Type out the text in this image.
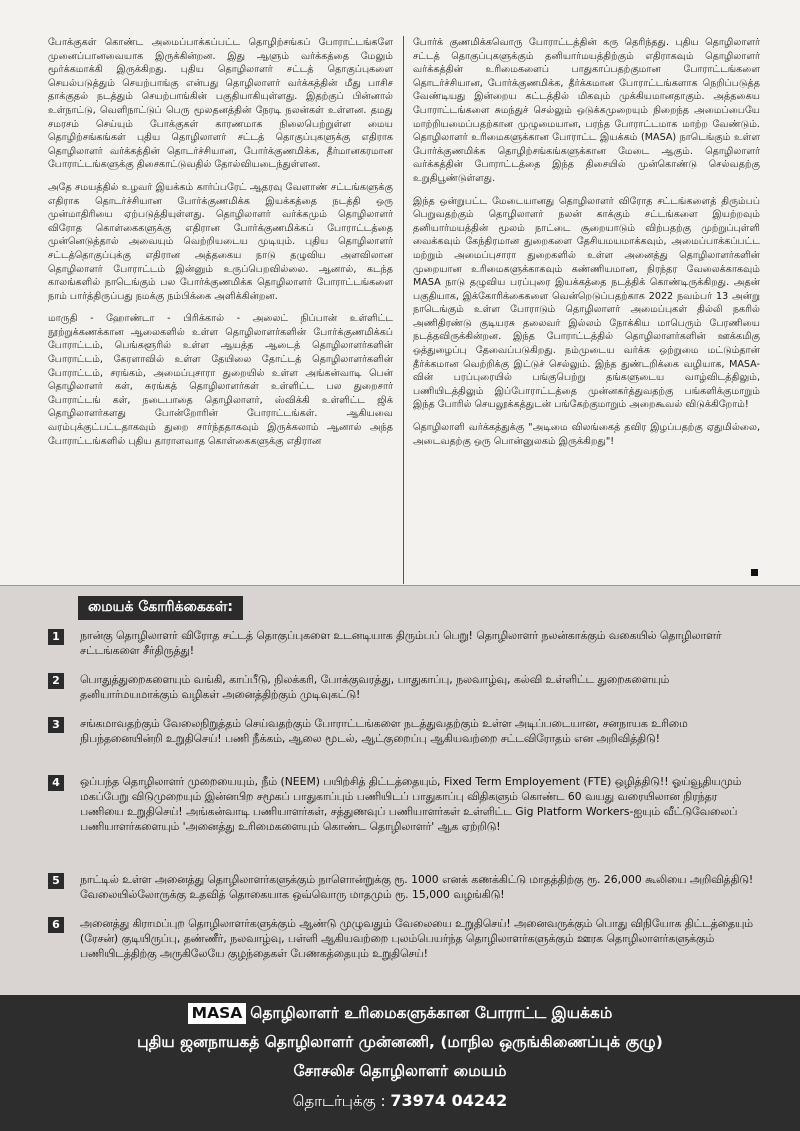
போக்குகள் கொண்ட அமைப்பாக்கப்பட்ட தொழிற்சங்கப் போராட்டங்களே முனைப்பானவையாக இருக்கின்றன. இது ஆளும் வர்க்கத்தை மேலும் மூர்க்கமாக்கி இருக்கிறது. புதிய தொழிலாளர் சட்டத் தொகுப்புகளை செயல்படுத்தும் செயற்பாங்கு என்பது தொழிலாளர் வர்க்கத்தின் மீது பாசிச தாக்குதல் நடத்தும் செயற்பாங்கின் பகுதியாகியுள்ளது. இதற்குப் பின்னால் உள்நாட்டு, வெளிநாட்டுப் பெரு மூலதனத்தின் நேரடி நலன்கள் உள்ளன. தமது சமரசம் செய்யும் போக்குகள் காரணமாக நிலைபெற்றுள்ள மைய தொழிற்சங்கங்கள் புதிய தொழிலாளர் சட்டத் தொகுப்புகளுக்கு எதிராக தொழிலாளர் வர்க்கத்தின் தொடர்ச்சியான, போர்க்குணமிக்க, தீர்மானகரமான போராட்டங்களுக்கு திசைகாட்டுவதில் தோல்வியடைந்துள்ளன.

அதே சமயத்தில் உழவர் இயக்கம் கார்ப்பரேட் ஆதரவு வேளாண் சட்டங்களுக்கு எதிராக தொடர்ச்சியான போர்க்குணமிக்க இயக்கத்தை நடத்தி ஒரு முன்மாதிரியை ஏற்படுத்தியுள்ளது. தொழிலாளர் வர்க்கமும் தொழிலாளர் விரோத கொள்கைகளுக்கு எதிரான போர்க்குணமிக்கப் போராட்டத்தை முன்னெடுத்தால் அவையும் வெற்றியடைய முடியும். புதிய தொழிலாளர் சட்டத்தொகுப்புக்கு எதிரான அத்தகைய நாடு தழுவிய அளவிலான தொழிலாளர் போராட்டம் இன்னும் உருப்பெறவில்லை. ஆனால், கடந்த காலங்களில் நாடெங்கும் பல போர்க்குணமிக்க தொழிலாளர் போராட்டங்களை நாம் பார்த்திருப்பது நமக்கு நம்பிக்கை அளிக்கின்றன.

மாருதி - ஹோண்டா - பிரிக்கால் - அலைட் நிப்பான் உள்ளிட்ட நூற்றுக்கணக்கான ஆலைகளில் உள்ள தொழிலாளர்களின் போர்க்குணமிக்கப் போராட்டம், பெங்களூரில் உள்ள ஆயத்த ஆடைத் தொழிலாளர்களின் போராட்டம், கேரளாவில் உள்ள தேயிலை தோட்டத் தொழிலாளர்களின் போராட்டம், சரங்கம், அமைப்புசாரா துறையில் உள்ள அங்கன்வாடி பென் தொழிலாளர் கள், சுரங்கத் தொழிலாளர்கள் உள்ளிட்ட பல துறைசார் போராட்டங் கள், நடைபாதை தொழிலாளர், ஸ்விக்கி உள்ளிட்ட ஜிக் தொழிலாளர்களது போன்றோரின் போராட்டங்கள். ஆகியவை வரம்புக்குட்பட்டதாகவும் துறை சார்ந்ததாகவும் இருக்கலாம் ஆனால் அந்த போராட்டங்களில் புதிய தாராளவாத கொள்கைகளுக்கு எதிரான

போர்க் குணமிக்கவொரு போராட்டத்தின் கரு தெரிந்தது. புதிய தொழிலாளர் சட்டத் தொகுப்புகளுக்கும் தனியார்மயத்திற்கும் எதிராகவும் தொழிலாளர் வர்க்கத்தின் உரிமைகளைப் பாதுகாப்பதற்குமான போராட்டங்களை தொடர்ச்சியான, போர்க்குணமிக்க, தீர்க்கமான போராட்டங்களாக நெறிப்படுத்த வேண்டியது இன்றைய கட்டத்தில் மிகவும் முக்கியமானதாகும். அத்தகைய போராட்டங்களை சுமந்துச் செல்லும் ஒடுக்கமுறையும் நிறைந்த அமைப்பையே மாற்றியமைப்பதற்கான முழுமையான, பரந்த போராட்டமாக மாற்ற வேண்டும். தொழிலாளர் உரிமைகளுக்கான போராட்ட இயக்கம் (MASA) நாடெங்கும் உள்ள போர்க்குணமிக்க தொழிற்சங்கங்களுக்கான மேடை ஆகும். தொழிலாளர் வர்க்கத்தின் போராட்டத்தை இந்த திசையில் முன்கொண்டு செல்வதற்கு உறுதிபூண்டுள்ளது.

இந்த ஒன்றுபட்ட மேடையானது தொழிலாளர் விரோத சட்டங்களைத் திரும்பப் பெறுவதற்கும் தொழிலாளர் நலன் காக்கும் சட்டங்களை இயற்றவும் தனியார்மயத்தின் மூலம் நாட்டை சூறையாடும் விற்பதற்கு முற்றுப்புள்ளி வைக்கவும் கேந்திரமான துறைகளை தேசியமயமாக்கவும், அமைப்பாக்கப்பட்ட மற்றும் அமைப்புசாரா துறைகளில் உள்ள அனைத்து தொழிலாளர்களின் முறையான உரிமைகளுக்காகவும் கண்ணியமான, நிரந்தர வேலைக்காகவும் MASA நாடு தழுவிய பரப்புரை இயக்கத்தை நடத்திக் கொண்டிருக்கிறது. அதன் பகுதியாக, இக்கோரிக்கைகளை வென்றெடுப்பதற்காக 2022 நவம்பர் 13 அன்று நாடெங்கும் உள்ள போராடும் தொழிலாளர் அமைப்புகள் தில்லி நகரில் அணிதிரண்டு குடியரசு தலைவர் இல்லம் நோக்கிய மாபெரும் பேரணியை நடத்தவிருக்கின்றன. இந்த போராட்டத்தில் தொழிலாளர்களின் ஊக்கமிகு ஒத்துழைப்பு தேவைப்படுகிறது. நம்முடைய வர்க்க ஒற்றுமை மட்டும்தான் தீர்க்கமான வெற்றிக்கு இட்டுச் செல்லும். இந்த துண்டறிக்கை வழியாக, MASA-வின் பரப்புரையில் பங்குபெற்று தங்களுடைய வாழ்விடத்திலும், பணியிடத்திலும் இப்போராட்டத்தை முன்னகர்த்துவதற்கு பங்களிக்குமாறும் இந்த போரில் செயலூக்கத்துடன் பங்கேற்குமாறும் அறைகூவல் விடுக்கிறோம்!

தொழிலாளி வர்க்கத்துக்கு "அடிமை விலங்கைத் தவிர இழப்பதற்கு ஏதுமில்லை, அடைவதற்கு ஒரு பொன்னுலகம் இருக்கிறது"!

மையக் கோரிக்கைகள்:
1	நான்கு தொழிலாளர் விரோத சட்டத் தொகுப்புகளை உடனடியாக திரும்பப் பெறு! தொழிலாளர் நலன்காக்கும் வகையில் தொழிலாளர் சட்டங்களை சீர்திருத்து!
2	பொதுத்துறைகளையும் வங்கி, காப்பீடு, நிலக்கரி, போக்குவரத்து, பாதுகாப்பு, நலவாழ்வு, கல்வி உள்ளிட்ட துறைகளையும் தனியார்மயமாக்கும் வழிகள் அனைத்திற்கும் முடிவுகட்டு!
3	சங்கமாவதற்கும் வேலைநிறுத்தம் செய்வதற்கும் போராட்டங்களை நடத்துவதற்கும் உள்ள அடிப்படையான, சனநாயக உரிமை நிபந்தனையின்றி உறுதிசெய்! பணி நீக்கம், ஆலை மூடல், ஆட்குறைப்பு ஆகியவற்றை சட்டவிரோதம் என அறிவித்திடு!
4	ஒப்பந்த தொழிலாளர் முறையையும், நீம் (NEEM) பயிற்சித் திட்டத்தையும், Fixed Term Employement (FTE) ஒழித்திடு!! ஓய்வூதியமும் மகப்பேறு விடுமுறையும் இன்னபிற சமூகப் பாதுகாப்பும் பணியிடப் பாதுகாப்பு விதிகளும் கொண்ட 60 வயது வரையிலான நிரந்தர பணியை உறுதிசெய்! அங்கன்வாடி பணியாளர்கள், சத்துணவுப் பணியாளர்கள் உள்ளிட்ட Gig Platform Workers-ஐயும் வீட்டுவேலைப் பணியாளர்களையும் 'அனைத்து உரிமைகளையும் கொண்ட தொழிலாளர்' ஆக ஏற்றிடு!
5	நாட்டில் உள்ள அனைத்து தொழிலாளர்களுக்கும் நாளொன்றுக்கு ரூ. 1000 எனக் கணக்கிட்டு மாதத்திற்கு ரூ. 26,000 கூலியை அறிவித்திடு! வேலையில்லோருக்கு உதவித் தொகையாக ஒவ்வொரு மாதமும் ரூ. 15,000 வழங்கிடு!
6	அனைத்து கிராமப்புற தொழிலாளர்களுக்கும் ஆண்டு முழுவதும் வேலையை உறுதிசெய்! அனைவருக்கும் பொது விநியோக திட்டத்தையும் (ரேசன்) குடியிருப்பு, தண்ணீர், நலவாழ்வு, பள்ளி ஆகியவற்றை புலம்பெயர்ந்த தொழிலாளர்களுக்கும் ஊரக தொழிலாளர்களுக்கும் பணியிடத்திற்கு அருகிலேயே குழந்தைகள் பேணகத்தையும் உறுதிசெய்!
MASA தொழிலாளர் உரிமைகளுக்கான போராட்ட இயக்கம்
புதிய ஜனநாயகத் தொழிலாளர் முன்னணி, (மாநில ஒருங்கிணைப்புக் குழு)
சோசலிச தொழிலாளர் மையம்
தொடர்புக்கு : 73974 04242
